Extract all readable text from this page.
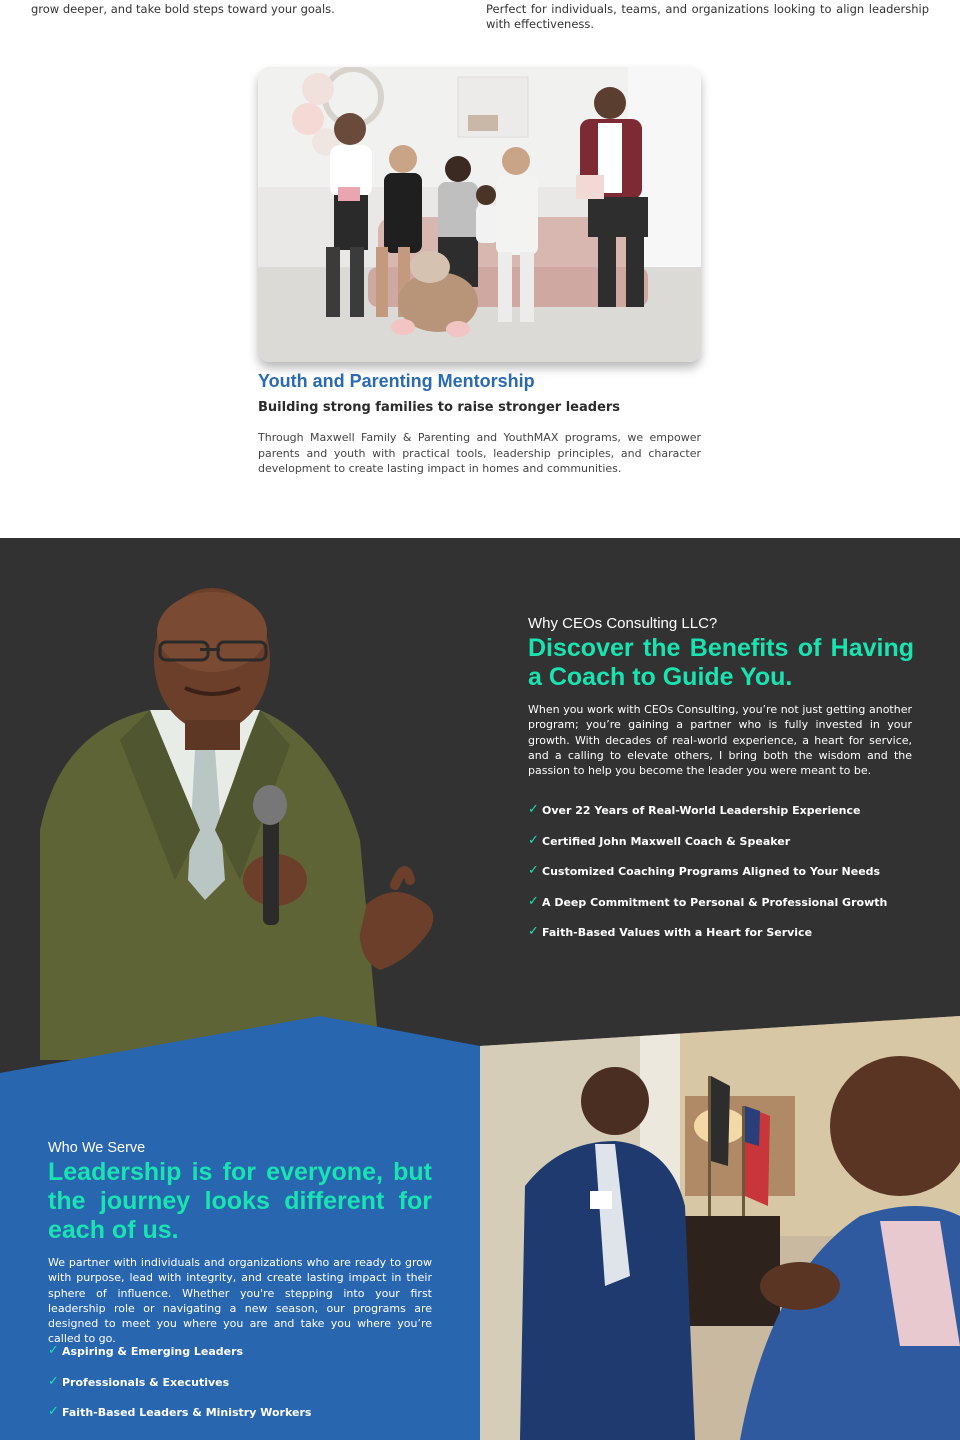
grow deeper, and take bold steps toward your goals.	Perfect for individuals, teams, and organizations looking to align leadership with effectiveness.

Youth and Parenting Mentorship
Building strong families to raise stronger leaders

Through Maxwell Family & Parenting and YouthMAX programs, we empower parents and youth with practical tools, leadership principles, and character development to create lasting impact in homes and communities.

Why CEOs Consulting LLC?

Discover the Benefits of Having a Coach to Guide You.

When you work with CEOs Consulting, you’re not just getting another program; you’re gaining a partner who is fully invested in your growth. With decades of real-world experience, a heart for service, and a calling to elevate others, I bring both the wisdom and the passion to help you become the leader you were meant to be.

✓ Over 22 Years of Real-World Leadership Experience
✓ Certified John Maxwell Coach & Speaker
✓ Customized Coaching Programs Aligned to Your Needs
✓ A Deep Commitment to Personal & Professional Growth
✓ Faith-Based Values with a Heart for Service

Who We Serve

Leadership is for everyone, but the journey looks different for each of us.

We partner with individuals and organizations who are ready to grow with purpose, lead with integrity, and create lasting impact in their sphere of influence. Whether you're stepping into your first leadership role or navigating a new season, our programs are designed to meet you where you are and take you where you’re called to go.

✓ Aspiring & Emerging Leaders
✓ Professionals & Executives
✓ Faith-Based Leaders & Ministry Workers
